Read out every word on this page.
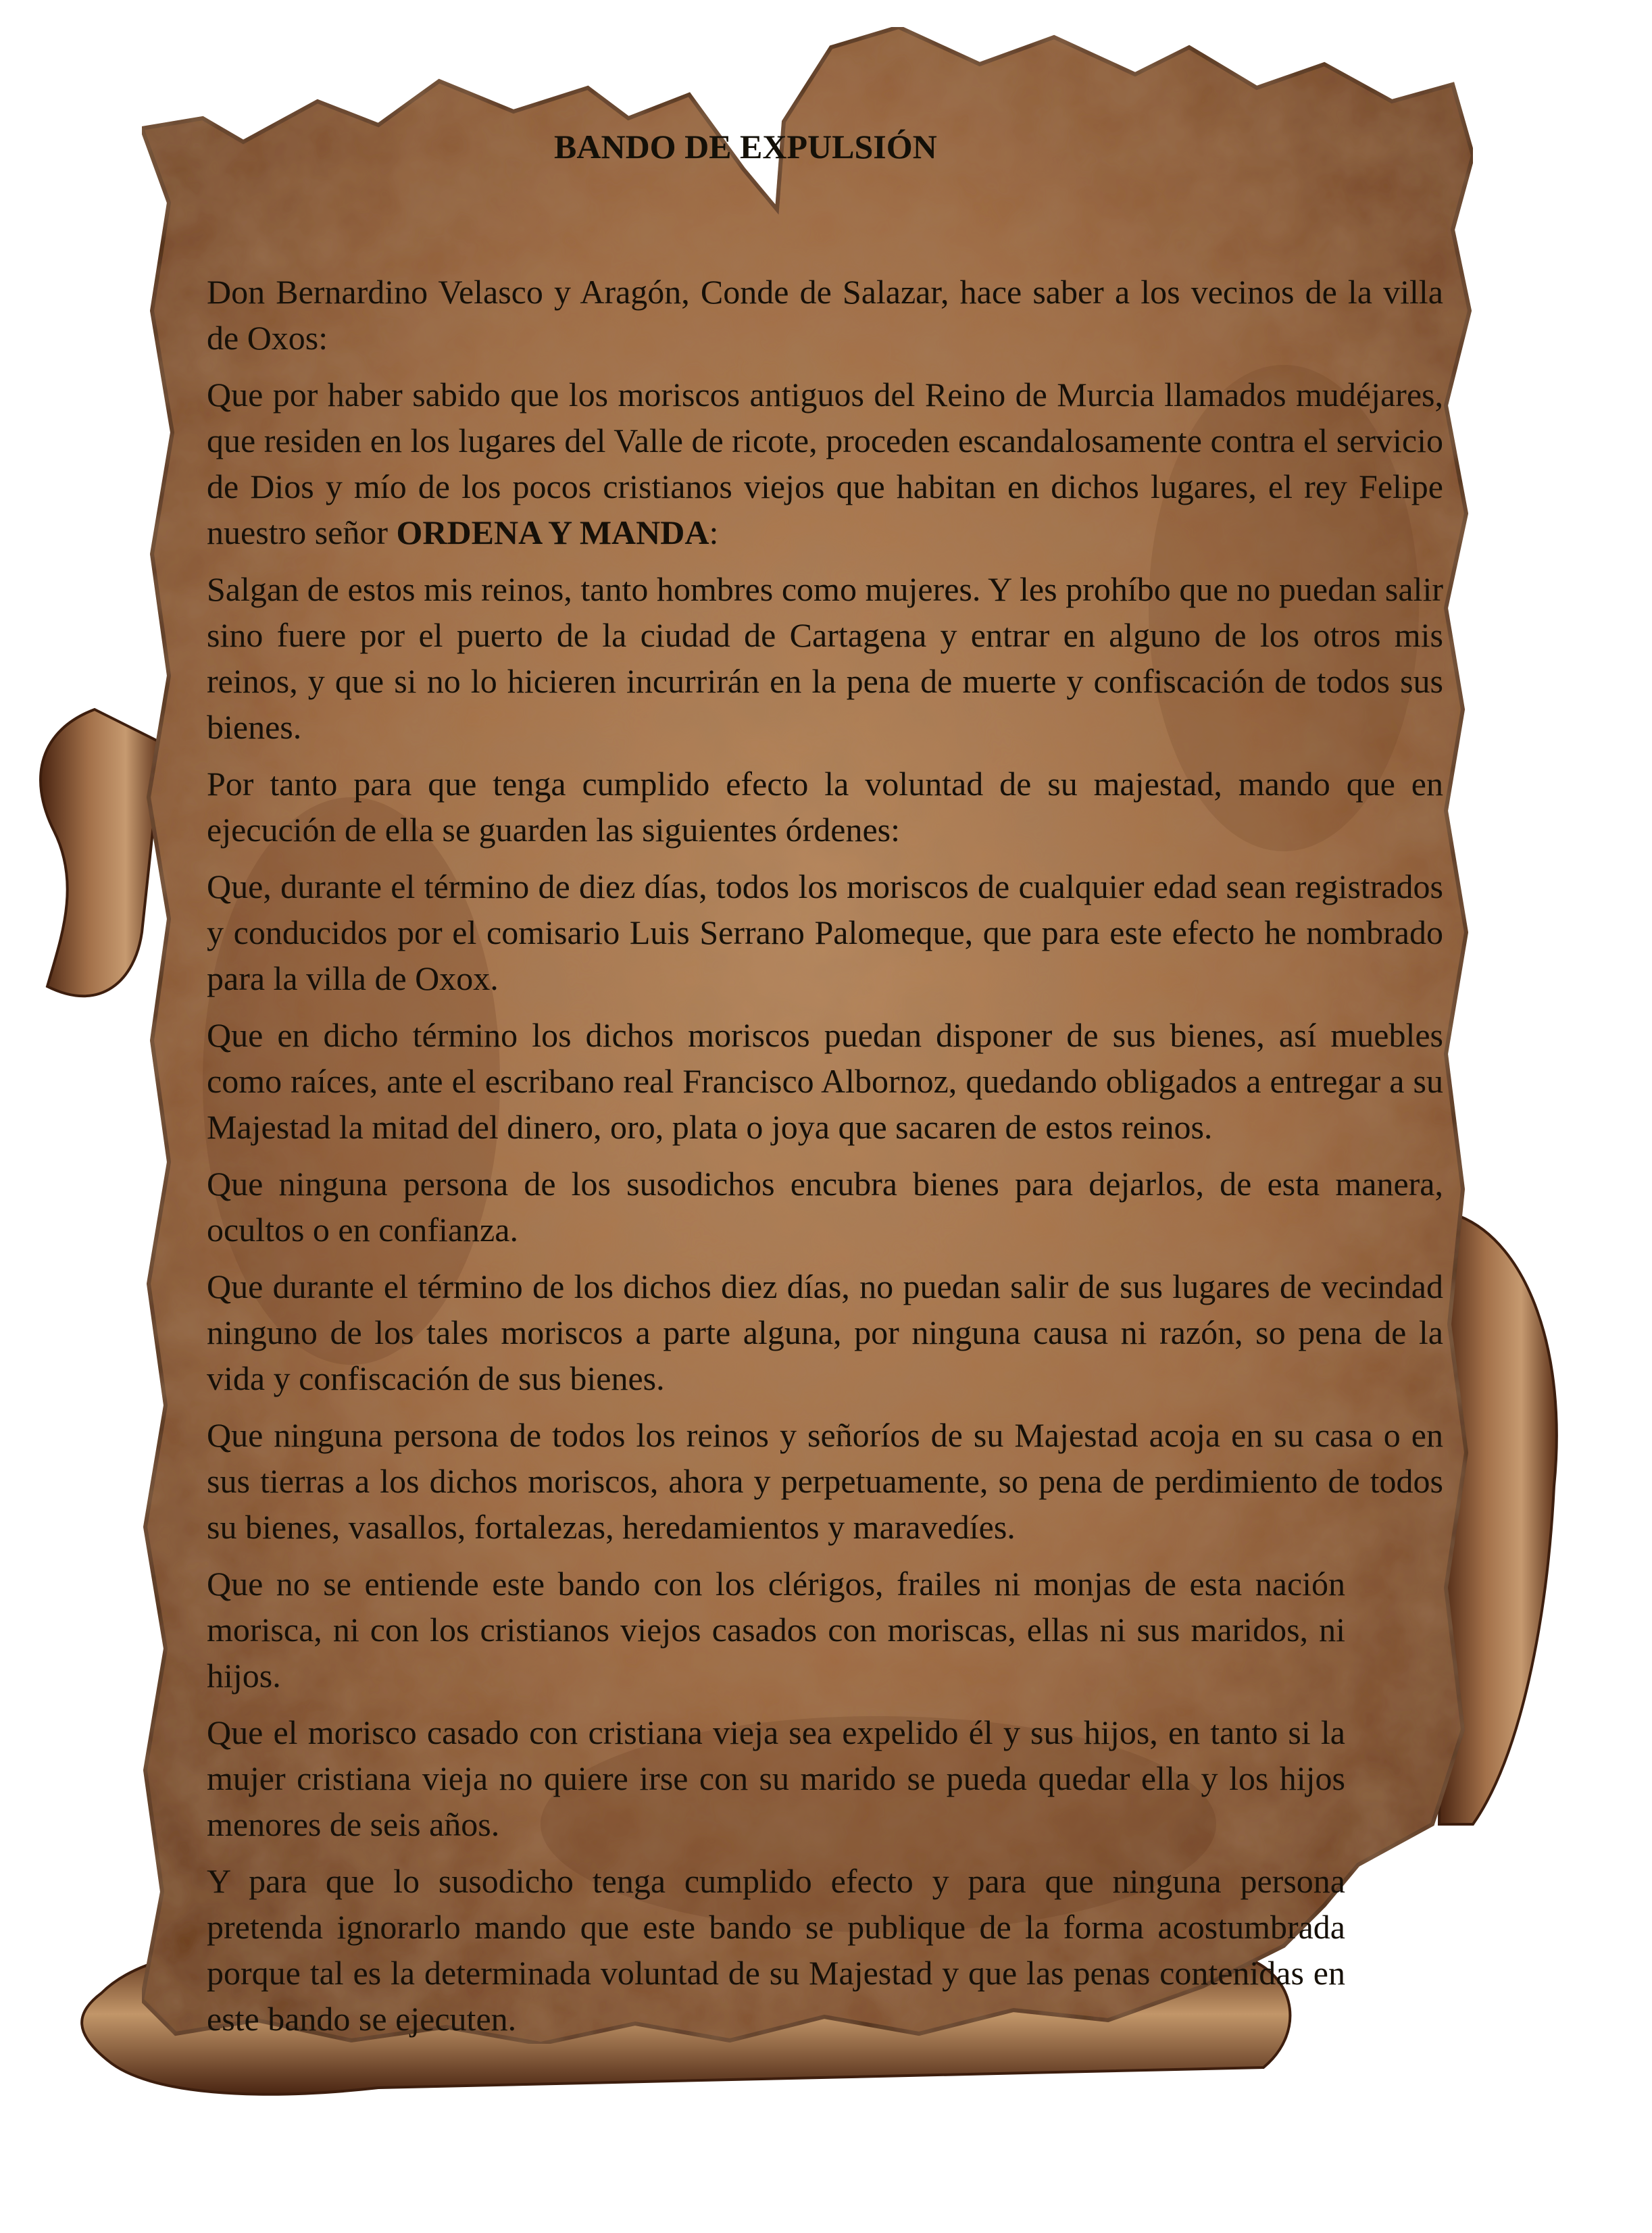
BANDO DE EXPULSIÓN

Don Bernardino Velasco y Aragón, Conde de Salazar, hace saber a los vecinos de la villa de Oxos:

Que por haber sabido que los moriscos antiguos del Reino de Murcia llamados mudéjares, que residen en los lugares del Valle de ricote, proceden escandalosamente contra el servicio de Dios y mío de los pocos cristianos viejos que habitan en dichos lugares, el rey Felipe nuestro señor ORDENA Y MANDA:

Salgan de estos mis reinos, tanto hombres como mujeres. Y les prohíbo que no puedan salir sino fuere por el puerto de la ciudad de Cartagena y entrar en alguno de los otros mis reinos, y que si no lo hicieren incurrirán en la pena de muerte y confiscación de todos sus bienes.

Por tanto para que tenga cumplido efecto la voluntad de su majestad, mando que en ejecución de ella se guarden las siguientes órdenes:

Que, durante el término de diez días, todos los moriscos de cualquier edad sean registrados y conducidos por el comisario Luis Serrano Palomeque, que para este efecto he nombrado para la villa de Oxox.

Que en dicho término los dichos moriscos puedan disponer de sus bienes, así muebles como raíces, ante el escribano real Francisco Albornoz, quedando obligados a entregar a su Majestad la mitad del dinero, oro, plata o joya que sacaren de estos reinos.

Que ninguna persona de los susodichos encubra bienes para dejarlos, de esta manera, ocultos o en confianza.

Que durante el término de los dichos diez días, no puedan salir de sus lugares de vecindad ninguno de los tales moriscos a parte alguna, por ninguna causa ni razón, so pena de la vida y confiscación de sus bienes.

Que ninguna persona de todos los reinos y señoríos de su Majestad acoja en su casa o en sus tierras a los dichos moriscos, ahora y perpetuamente, so pena de perdimiento de todos su bienes, vasallos, fortalezas, heredamientos y maravedíes.

Que no se entiende este bando con los clérigos, frailes ni monjas de esta nación morisca, ni con los cristianos viejos casados con moriscas, ellas ni sus maridos, ni hijos.

Que el morisco casado con cristiana vieja sea expelido él y sus hijos, en tanto si la mujer cristiana vieja no quiere irse con su marido se pueda quedar ella y los hijos menores de seis años.

Y para que lo susodicho tenga cumplido efecto y para que ninguna persona pretenda ignorarlo mando que este bando se publique de la forma acostumbrada porque tal es la determinada voluntad de su Majestad y que las penas contenidas en este bando se ejecuten.
